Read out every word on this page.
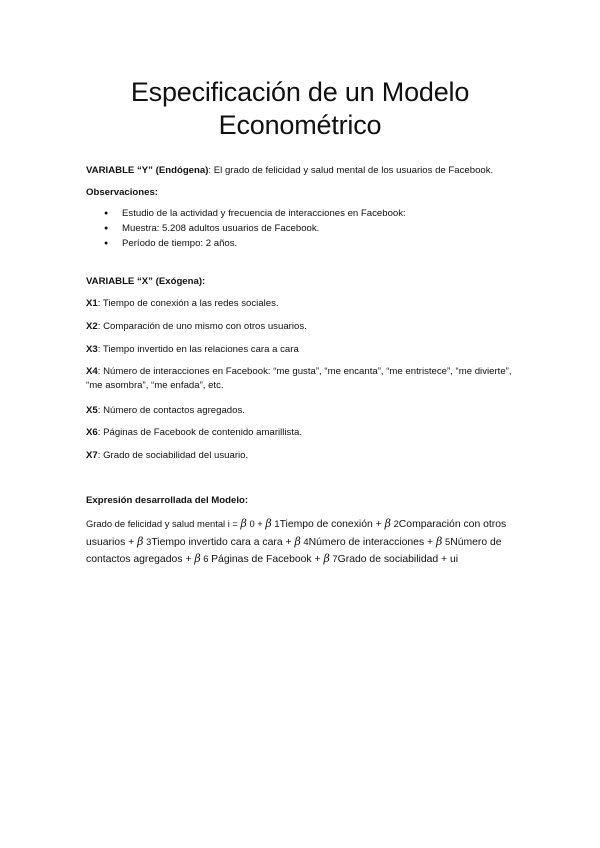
Especificación de un Modelo
Econométrico
VARIABLE “Y” (Endógena): El grado de felicidad y salud mental de los usuarios de Facebook.
Observaciones:
● Estudio de la actividad y frecuencia de interacciones en Facebook:
● Muestra: 5.208 adultos usuarios de Facebook.
● Período de tiempo: 2 años.
VARIABLE “X” (Exógena):
X1: Tiempo de conexión a las redes sociales.
X2: Comparación de uno mismo con otros usuarios.
X3: Tiempo invertido en las relaciones cara a cara
X4: Número de interacciones en Facebook: “me gusta”, “me encanta”, “me entristece”, “me divierte”, “me asombra”, “me enfada”, etc.
X5: Número de contactos agregados.
X6: Páginas de Facebook de contenido amarillista.
X7: Grado de sociabilidad del usuario.
Expresión desarrollada del Modelo:
Grado de felicidad y salud mental i = β 0 + β 1Tiempo de conexión + β 2Comparación con otros usuarios + β 3Tiempo invertido cara a cara + β 4Número de interacciones + β 5Número de contactos agregados + β 6 Páginas de Facebook + β 7Grado de sociabilidad + ui
